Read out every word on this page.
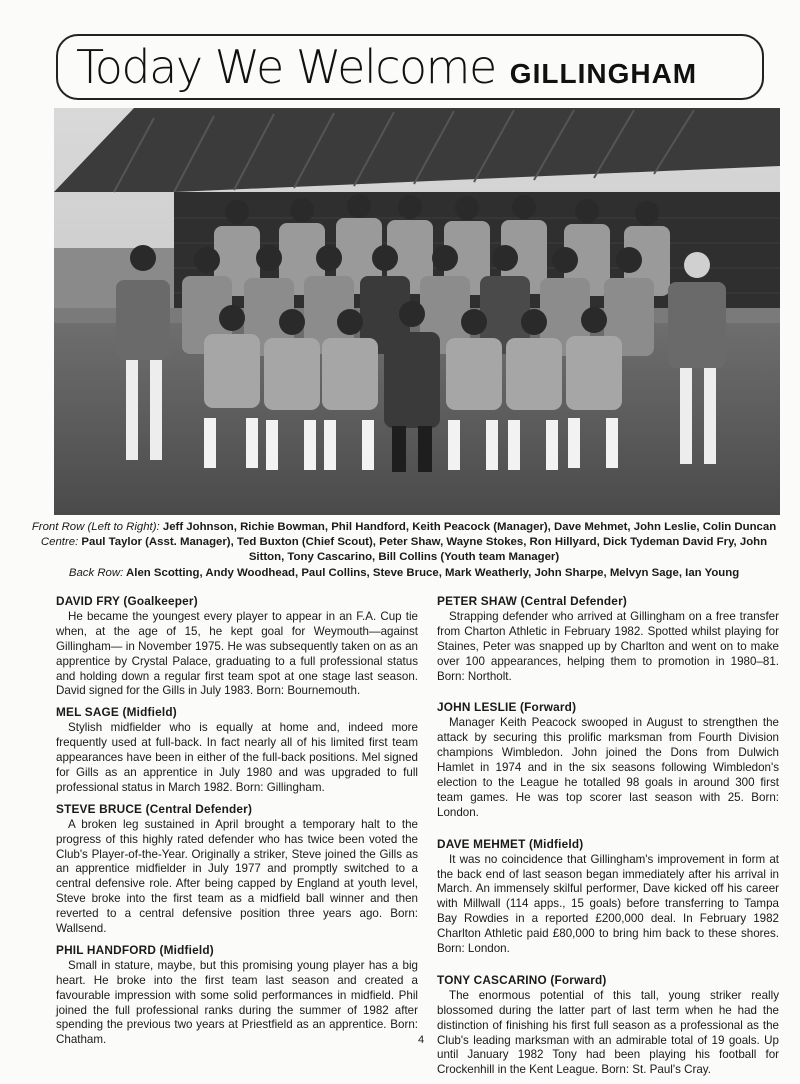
Today We Welcome GILLINGHAM
Front Row (Left to Right): Jeff Johnson, Richie Bowman, Phil Handford, Keith Peacock (Manager), Dave Mehmet, John Leslie, Colin Duncan
Centre: Paul Taylor (Asst. Manager), Ted Buxton (Chief Scout), Peter Shaw, Wayne Stokes, Ron Hillyard, Dick Tydeman David Fry, John Sitton, Tony Cascarino, Bill Collins (Youth team Manager)
Back Row: Alen Scotting, Andy Woodhead, Paul Collins, Steve Bruce, Mark Weatherly, John Sharpe, Melvyn Sage, Ian Young
DAVID FRY (Goalkeeper)

He became the youngest every player to appear in an F.A. Cup tie when, at the age of 15, he kept goal for Weymouth—against Gillingham— in November 1975. He was subsequently taken on as an apprentice by Crystal Palace, graduating to a full professional status and holding down a regular first team spot at one stage last season. David signed for the Gills in July 1983. Born: Bournemouth.

MEL SAGE (Midfield)

Stylish midfielder who is equally at home and, indeed more frequently used at full-back. In fact nearly all of his limited first team appearances have been in either of the full-back positions. Mel signed for Gills as an apprentice in July 1980 and was upgraded to full professional status in March 1982. Born: Gillingham.

STEVE BRUCE (Central Defender)

A broken leg sustained in April brought a temporary halt to the progress of this highly rated defender who has twice been voted the Club's Player-of-the-Year. Originally a striker, Steve joined the Gills as an apprentice midfielder in July 1977 and promptly switched to a central defensive role. After being capped by England at youth level, Steve broke into the first team as a midfield ball winner and then reverted to a central defensive position three years ago. Born: Wallsend.

PHIL HANDFORD (Midfield)

Small in stature, maybe, but this promising young player has a big heart. He broke into the first team last season and created a favourable impression with some solid performances in midfield. Phil joined the full professional ranks during the summer of 1982 after spending the previous two years at Priestfield as an apprentice. Born: Chatham.

PETER SHAW (Central Defender)

Strapping defender who arrived at Gillingham on a free transfer from Charton Athletic in February 1982. Spotted whilst playing for Staines, Peter was snapped up by Charlton and went on to make over 100 appearances, helping them to promotion in 1980–81. Born: Northolt.

JOHN LESLIE (Forward)

Manager Keith Peacock swooped in August to strengthen the attack by securing this prolific marksman from Fourth Division champions Wimbledon. John joined the Dons from Dulwich Hamlet in 1974 and in the six seasons following Wimbledon's election to the League he totalled 98 goals in around 300 first team games. He was top scorer last season with 25. Born: London.

DAVE MEHMET (Midfield)

It was no coincidence that Gillingham's improvement in form at the back end of last season began immediately after his arrival in March. An immensely skilful performer, Dave kicked off his career with Millwall (114 apps., 15 goals) before transferring to Tampa Bay Rowdies in a reported £200,000 deal. In February 1982 Charlton Athletic paid £80,000 to bring him back to these shores. Born: London.

TONY CASCARINO (Forward)

The enormous potential of this tall, young striker really blossomed during the latter part of last term when he had the distinction of finishing his first full season as a professional as the Club's leading marksman with an admirable total of 19 goals. Up until January 1982 Tony had been playing his football for Crockenhill in the Kent League. Born: St. Paul's Cray.

4
